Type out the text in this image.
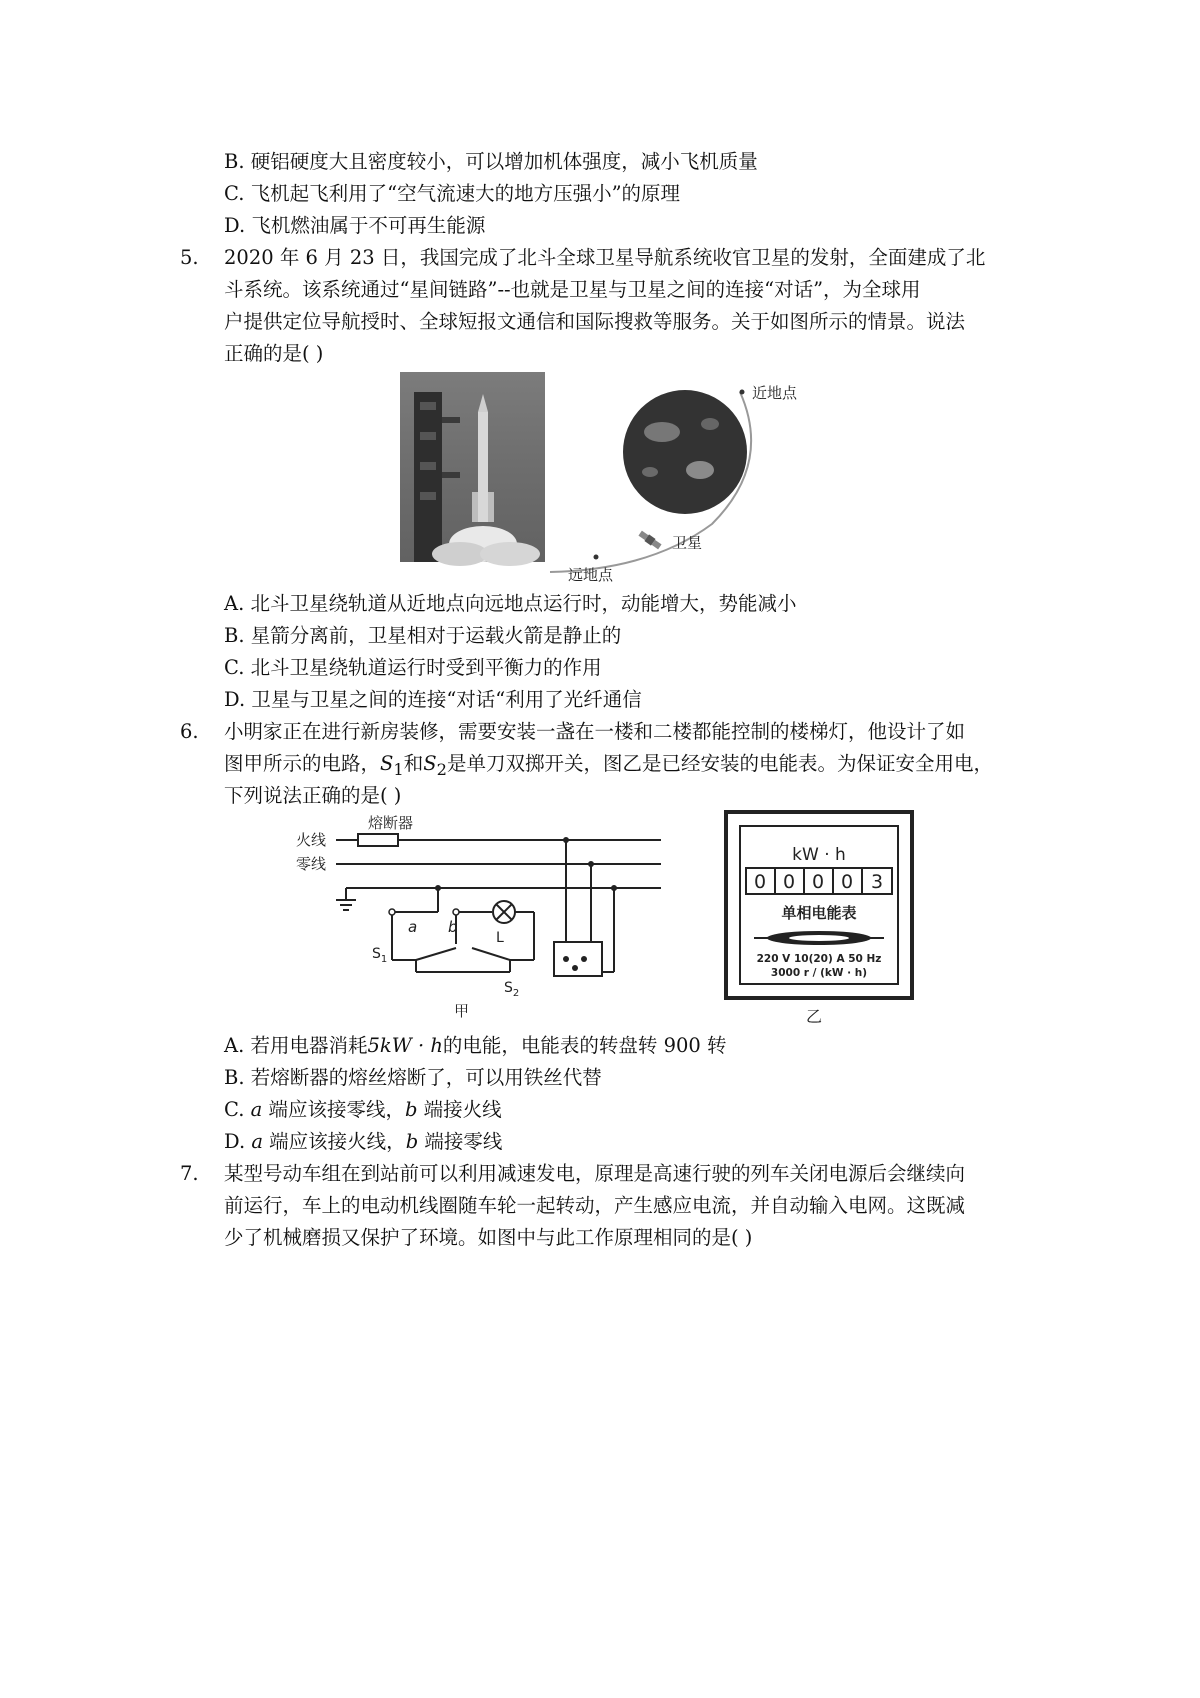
B. 硬铝硬度大且密度较小，可以增加机体强度，减小飞机质量
C. 飞机起飞利用了“空气流速大的地方压强小”的原理
D. 飞机燃油属于不可再生能源
5. 2020 年 6 月 23 日，我国完成了北斗全球卫星导航系统收官卫星的发射，全面建成了北
斗系统。该系统通过“星间链路”--也就是卫星与卫星之间的连接“对话”，为全球用
户提供定位导航授时、全球短报文通信和国际搜救等服务。关于如图所示的情景。说法
正确的是( )
近地点
卫星
远地点
A. 北斗卫星绕轨道从近地点向远地点运行时，动能增大，势能减小
B. 星箭分离前，卫星相对于运载火箭是静止的
C. 北斗卫星绕轨道运行时受到平衡力的作用
D. 卫星与卫星之间的连接“对话“利用了光纤通信
6. 小明家正在进行新房装修，需要安装一盏在一楼和二楼都能控制的楼梯灯，他设计了如
图甲所示的电路，$S_1$和$S_2$是单刀双掷开关，图乙是已经安装的电能表。为保证安全用电，
下列说法正确的是( )
熔断器
火线
零线
a b
L
$S_1$
$S_2$
甲
kW · h
0 0 0 0 3
单相电能表
220 V 10(20) A 50 Hz
3000 r / (kW · h)
乙
A. 若用电器消耗5kW · h的电能，电能表的转盘转 900 转
B. 若熔断器的熔丝熔断了，可以用铁丝代替
C. a 端应该接零线，b 端接火线
D. a 端应该接火线，b 端接零线
7. 某型号动车组在到站前可以利用减速发电，原理是高速行驶的列车关闭电源后会继续向
前运行，车上的电动机线圈随车轮一起转动，产生感应电流，并自动输入电网。这既减
少了机械磨损又保护了环境。如图中与此工作原理相同的是( )
